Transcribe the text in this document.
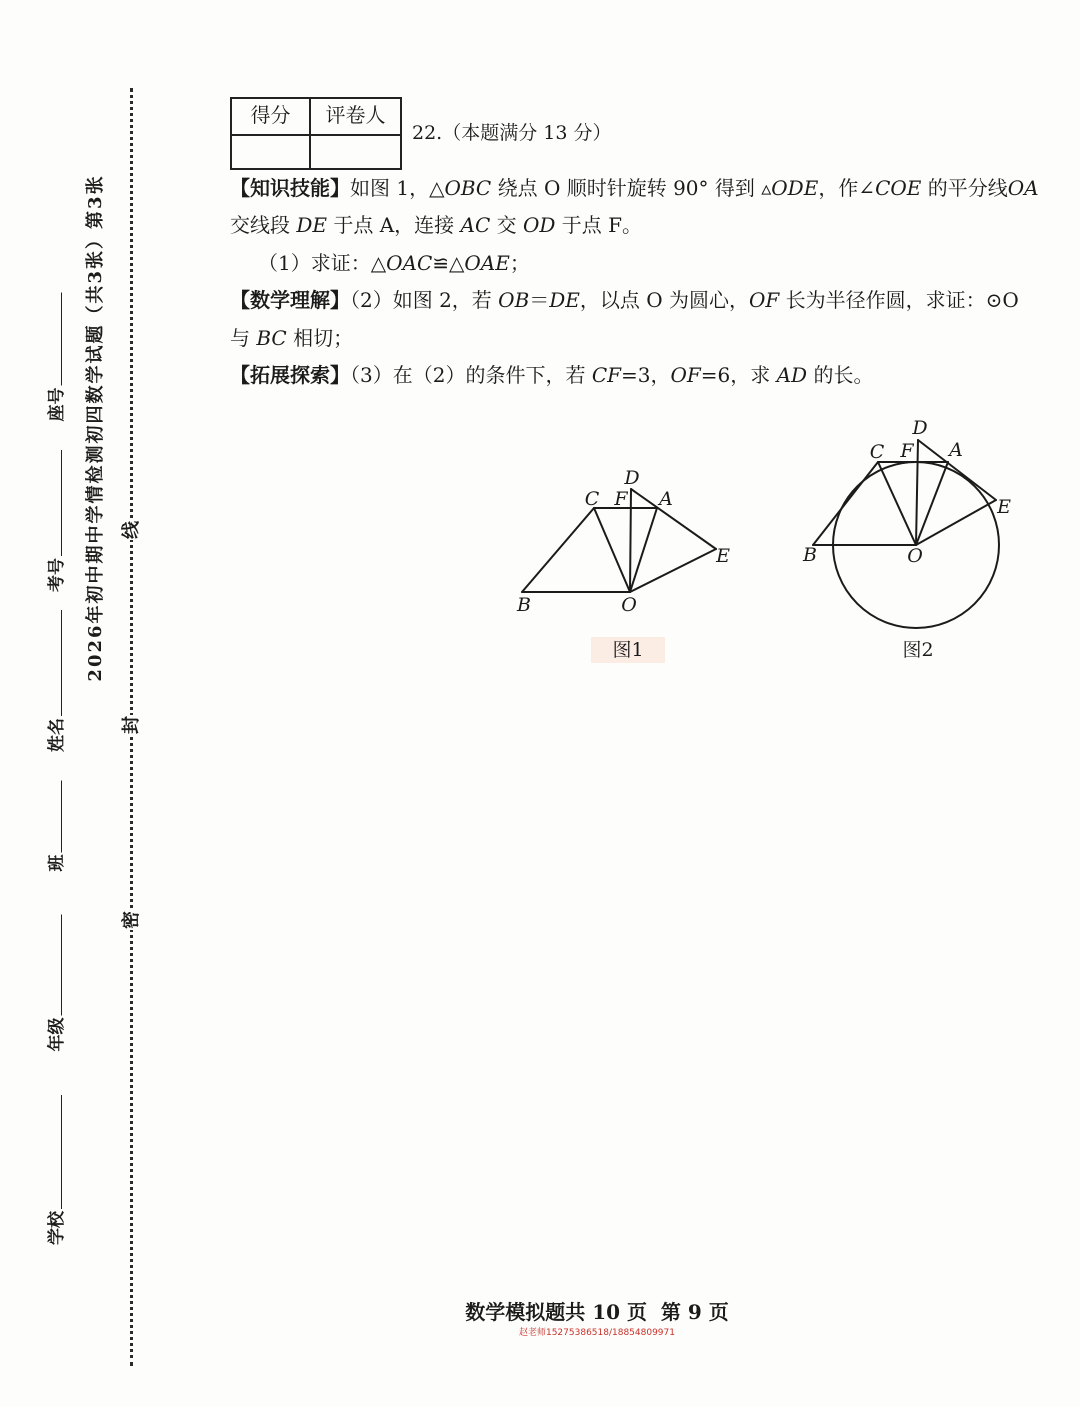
座号
考号
姓名
班
年级
学校
2026年初中期中学情检测初四数学试题（共3张）第3张 线
封
密
得分	评卷人
22.（本题满分 13 分）
【知识技能】如图 1，△OBC 绕点 O 顺时针旋转 90° 得到 ▵ODE，作∠COE 的平分线OA
交线段 DE 于点 A，连接 AC 交 OD 于点 F。
（1）求证：△OAC≌△OAE；
【数学理解】（2）如图 2，若 OB＝DE，以点 O 为圆心，OF 长为半径作圆，求证：⊙O
与 BC 相切；
【拓展探索】（3）在（2）的条件下，若 CF=3，OF=6，求 AD 的长。
D
C F A
E
B	O
图1
D
C F A
E
B	O
图2
数学模拟题共 10 页  第 9 页
赵老师15275386518/18854809971
